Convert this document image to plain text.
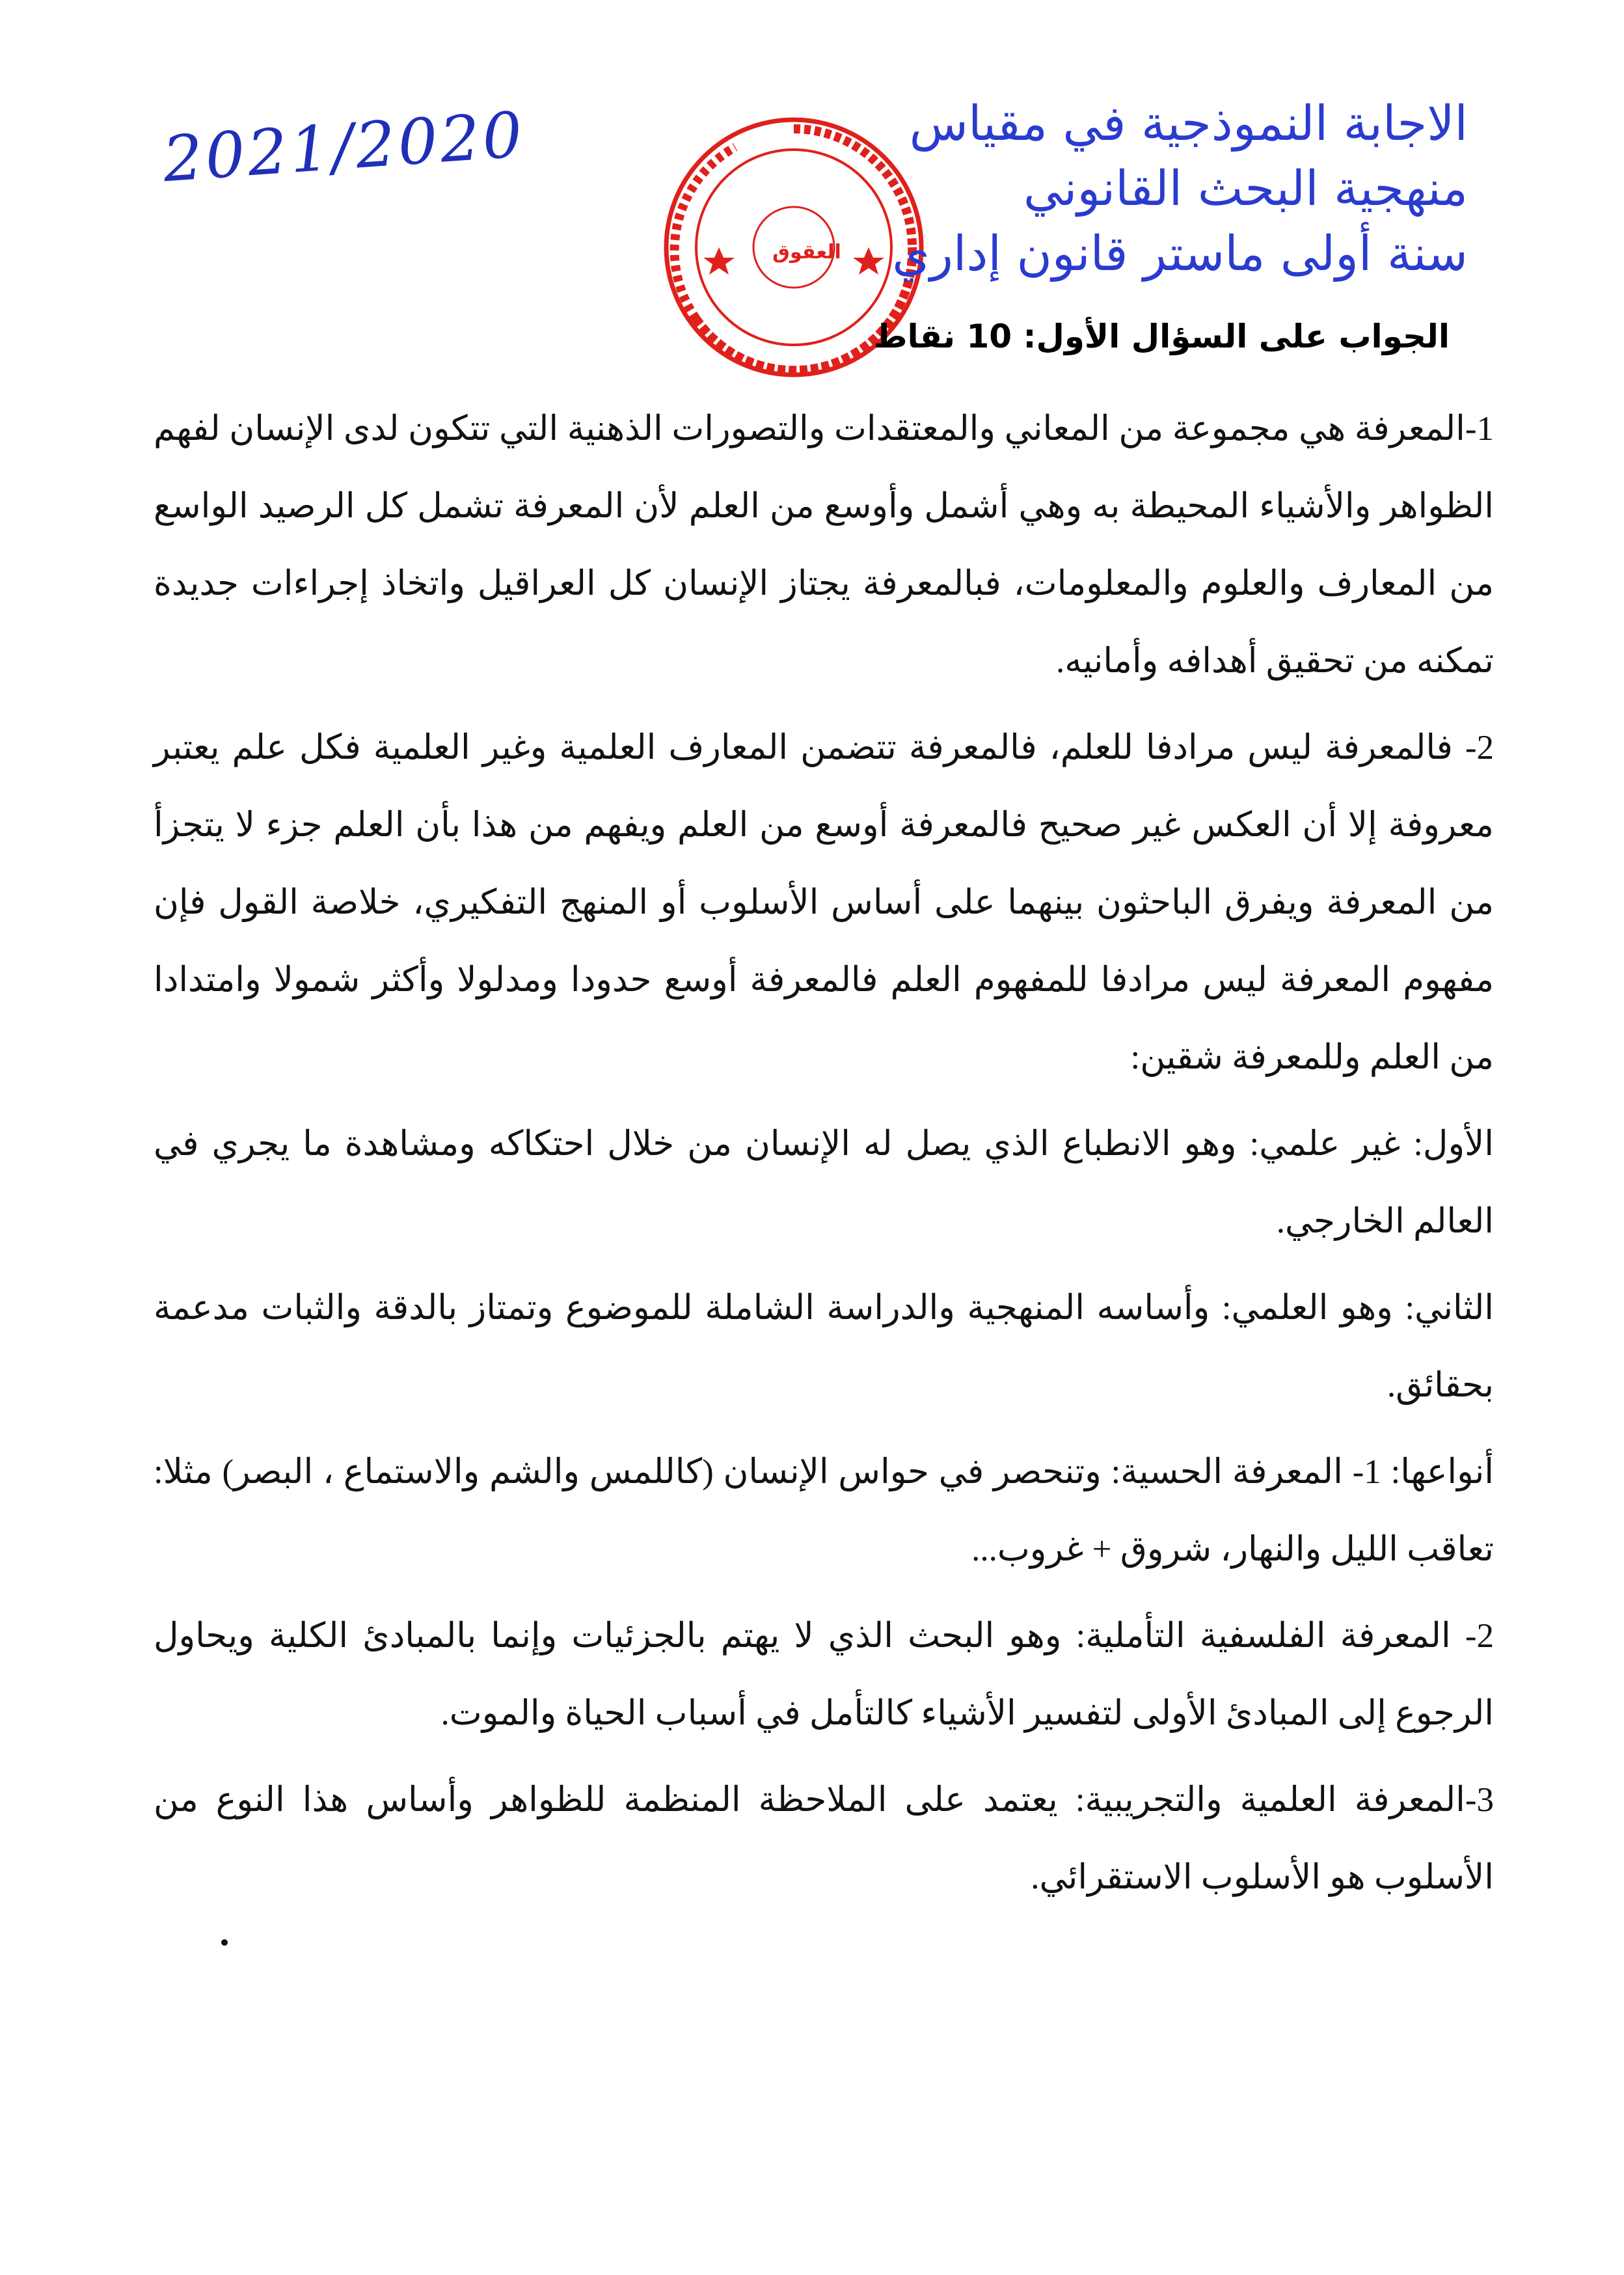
2021/2020
العقوق
الاجابة النموذجية في مقياس
منهجية البحث القانوني
سنة أولى ماستر قانون إداري
الجواب على السؤال الأول: 10 نقاط

1-المعرفة هي مجموعة من المعاني والمعتقدات والتصورات الذهنية التي تتكون لدى الإنسان لفهم الظواهر والأشياء المحيطة به وهي أشمل وأوسع من العلم لأن المعرفة تشمل كل الرصيد الواسع من المعارف والعلوم والمعلومات، فبالمعرفة يجتاز الإنسان كل العراقيل واتخاذ إجراءات جديدة تمكنه من تحقيق أهدافه وأمانيه.

2- فالمعرفة ليس مرادفا للعلم، فالمعرفة تتضمن المعارف العلمية وغير العلمية فكل علم يعتبر معروفة إلا أن العكس غير صحيح فالمعرفة أوسع من العلم ويفهم من هذا بأن العلم جزء لا يتجزأ من المعرفة ويفرق الباحثون بينهما على أساس الأسلوب أو المنهج التفكيري، خلاصة القول فإن مفهوم المعرفة ليس مرادفا للمفهوم العلم فالمعرفة أوسع حدودا ومدلولا وأكثر شمولا وامتدادا من العلم وللمعرفة شقين:

الأول: غير علمي: وهو الانطباع الذي يصل له الإنسان من خلال احتكاكه ومشاهدة ما يجري في العالم الخارجي.

الثاني: وهو العلمي: وأساسه المنهجية والدراسة الشاملة للموضوع وتمتاز بالدقة والثبات مدعمة بحقائق.

أنواعها: 1- المعرفة الحسية: وتنحصر في حواس الإنسان (كاللمس والشم والاستماع ، البصر) مثلا: تعاقب الليل والنهار، شروق + غروب...

2- المعرفة الفلسفية التأملية: وهو البحث الذي لا يهتم بالجزئيات وإنما بالمبادئ الكلية ويحاول الرجوع إلى المبادئ الأولى لتفسير الأشياء كالتأمل في أسباب الحياة والموت.

3-المعرفة العلمية والتجريبية: يعتمد على الملاحظة المنظمة للظواهر وأساس هذا النوع من الأسلوب هو الأسلوب الاستقرائي.
